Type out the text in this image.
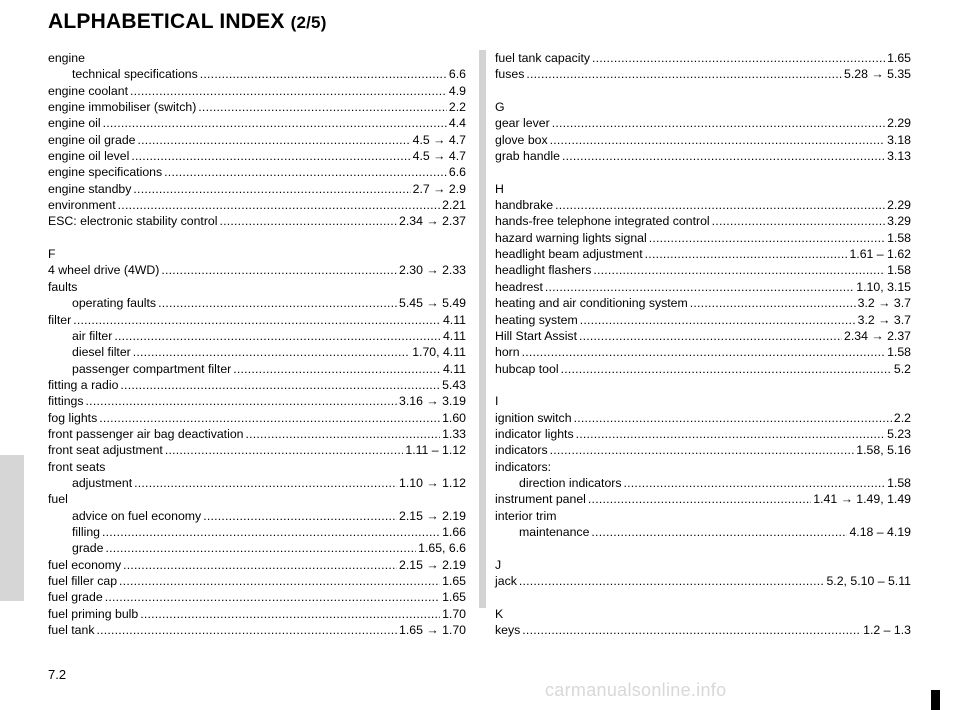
ALPHABETICAL INDEX (2/5)
engine
technical specifications . . .	6.6
engine coolant . . .	4.9
engine immobiliser (switch) . . .	2.2
engine oil . . .	4.4
engine oil grade . . .	4.5 → 4.7
engine oil level . . .	4.5 → 4.7
engine specifications . . .	6.6
engine standby . . .	2.7 → 2.9
environment . . .	2.21
ESC: electronic stability control . . .	2.34 → 2.37
F
4 wheel drive (4WD) . . .	2.30 → 2.33
faults
operating faults . . .	5.45 → 5.49
filter . . .	4.11
air filter . . .	4.11
diesel filter . . .	1.70, 4.11
passenger compartment filter . . .	4.11
fitting a radio . . .	5.43
fittings . . .	3.16 → 3.19
fog lights . . .	1.60
front passenger air bag deactivation . . .	1.33
front seat adjustment . . .	1.11 – 1.12
front seats
adjustment . . .	1.10 → 1.12
fuel
advice on fuel economy . . .	2.15 → 2.19
filling . . .	1.66
grade . . .	1.65, 6.6
fuel economy . . .	2.15 → 2.19
fuel filler cap . . .	1.65
fuel grade . . .	1.65
fuel priming bulb . . .	1.70
fuel tank . . .	1.65 → 1.70
fuel tank capacity . . .	1.65
fuses . . .	5.28 → 5.35
G
gear lever . . .	2.29
glove box . . .	3.18
grab handle . . .	3.13
H
handbrake . . .	2.29
hands-free telephone integrated control . . .	3.29
hazard warning lights signal . . .	1.58
headlight beam adjustment . . .	1.61 – 1.62
headlight flashers . . .	1.58
headrest . . .	1.10, 3.15
heating and air conditioning system . . .	3.2 → 3.7
heating system . . .	3.2 → 3.7
Hill Start Assist . . .	2.34 → 2.37
horn . . .	1.58
hubcap tool . . .	5.2
I
ignition switch . . .	2.2
indicator lights . . .	5.23
indicators . . .	1.58, 5.16
indicators:
direction indicators . . .	1.58
instrument panel . . .	1.41 → 1.49, 1.49
interior trim
maintenance . . .	4.18 – 4.19
J
jack . . .	5.2, 5.10 – 5.11
K
keys . . .	1.2 – 1.3
7.2
carmanualsonline.info
